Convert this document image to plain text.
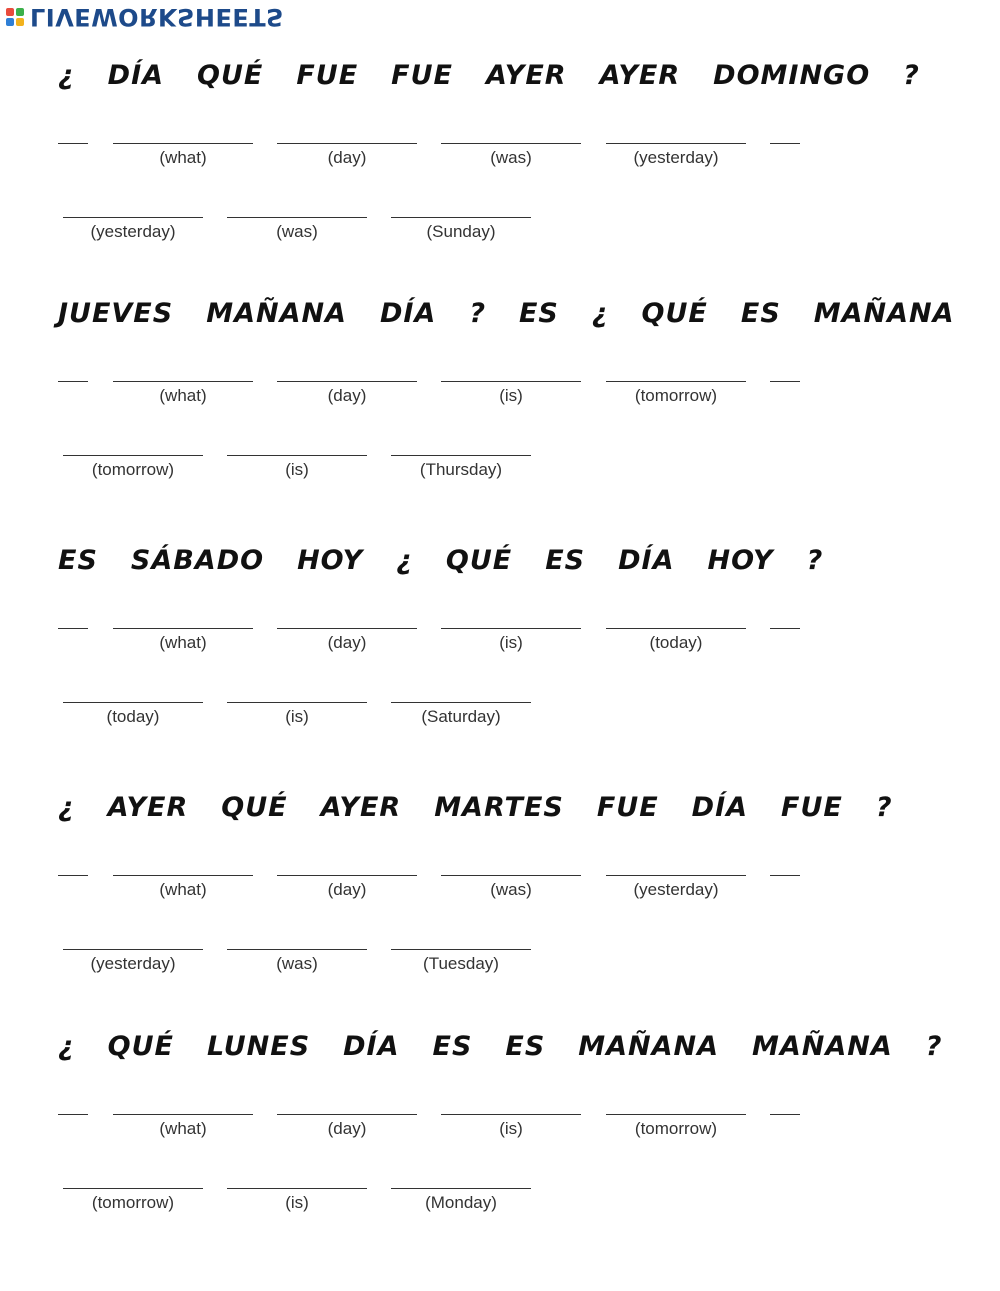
LIVEWORKSHEETS
¿ DÍA QUÉ FUE FUE AYER AYER DOMINGO ?
(what)	(day)	(was)	(yesterday)
(yesterday)	(was)	(Sunday)
JUEVES MAÑANA DÍA ? ES ¿ QUÉ ES MAÑANA
(what)	(day)	(is)	(tomorrow)
(tomorrow)	(is)	(Thursday)
ES SÁBADO HOY ¿ QUÉ ES DÍA HOY ?
(what)	(day)	(is)	(today)
(today)	(is)	(Saturday)
¿ AYER QUÉ AYER MARTES FUE DÍA FUE ?
(what)	(day)	(was)	(yesterday)
(yesterday)	(was)	(Tuesday)
¿ QUÉ LUNES DÍA ES ES MAÑANA MAÑANA ?
(what)	(day)	(is)	(tomorrow)
(tomorrow)	(is)	(Monday)
